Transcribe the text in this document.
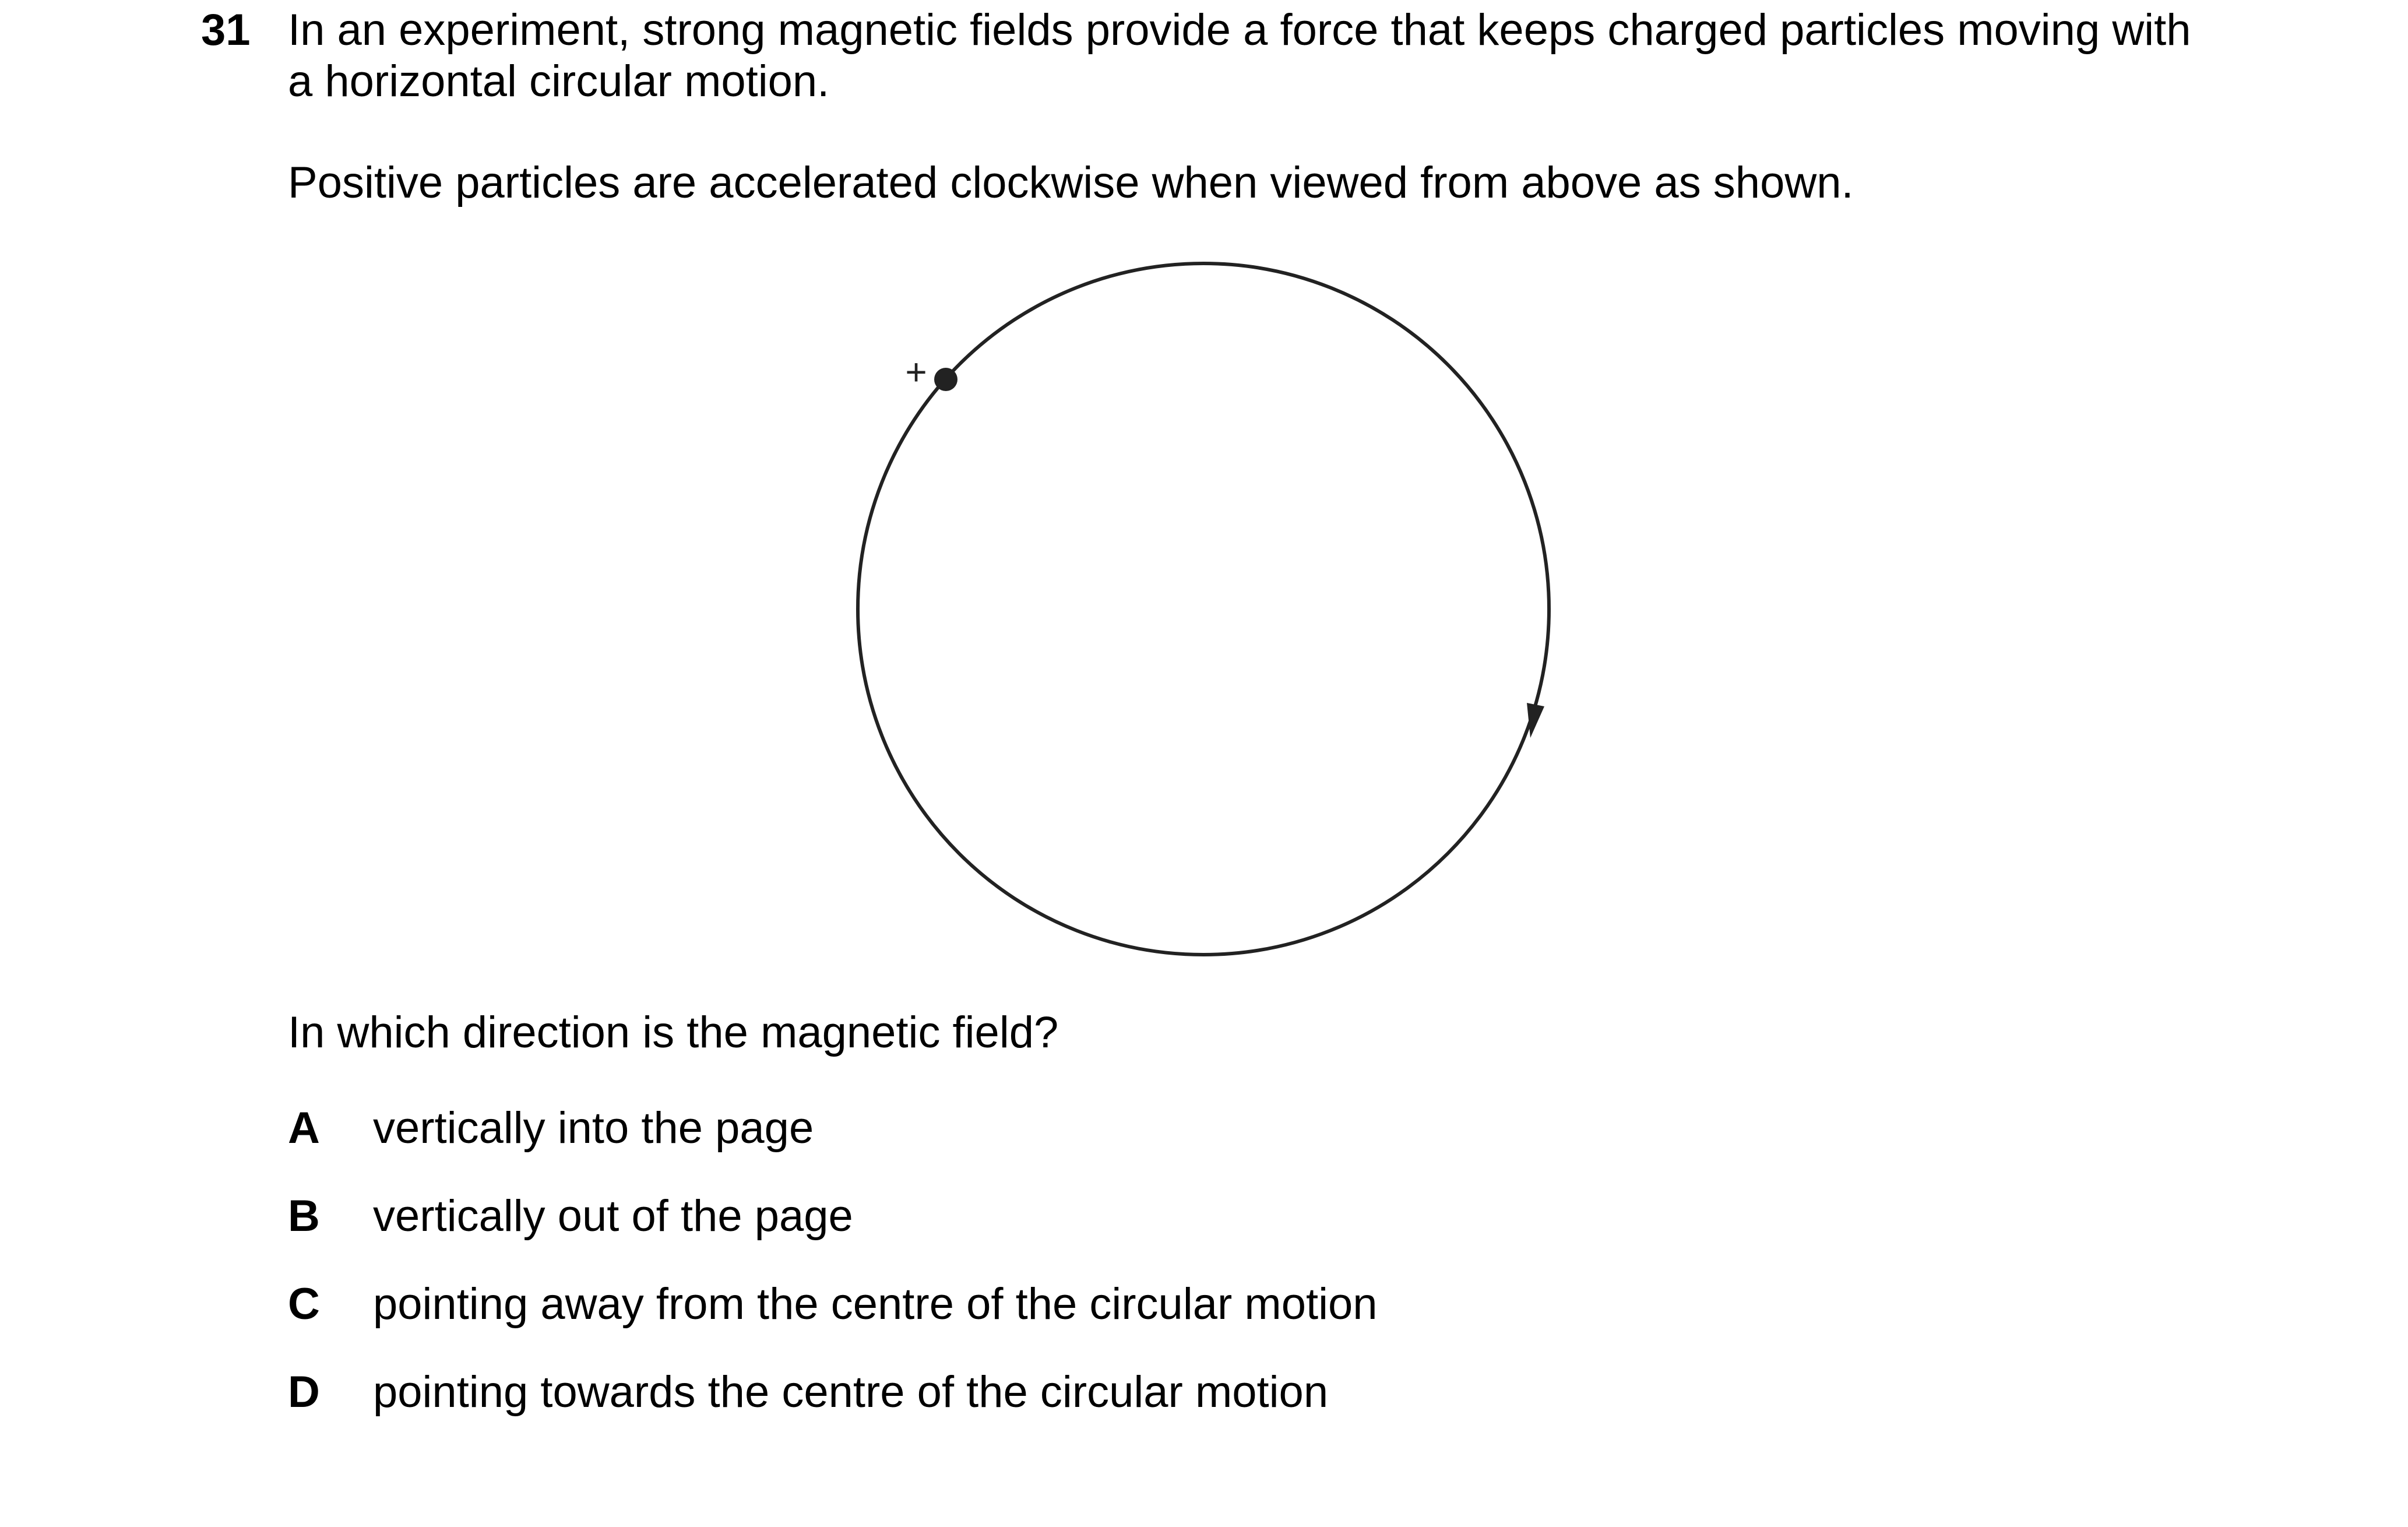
31 In an experiment, strong magnetic fields provide a force that keeps charged particles moving with
a horizontal circular motion.
Positive particles are accelerated clockwise when viewed from above as shown.
+
In which direction is the magnetic field?
A vertically into the page
B vertically out of the page
C pointing away from the centre of the circular motion
D pointing towards the centre of the circular motion
